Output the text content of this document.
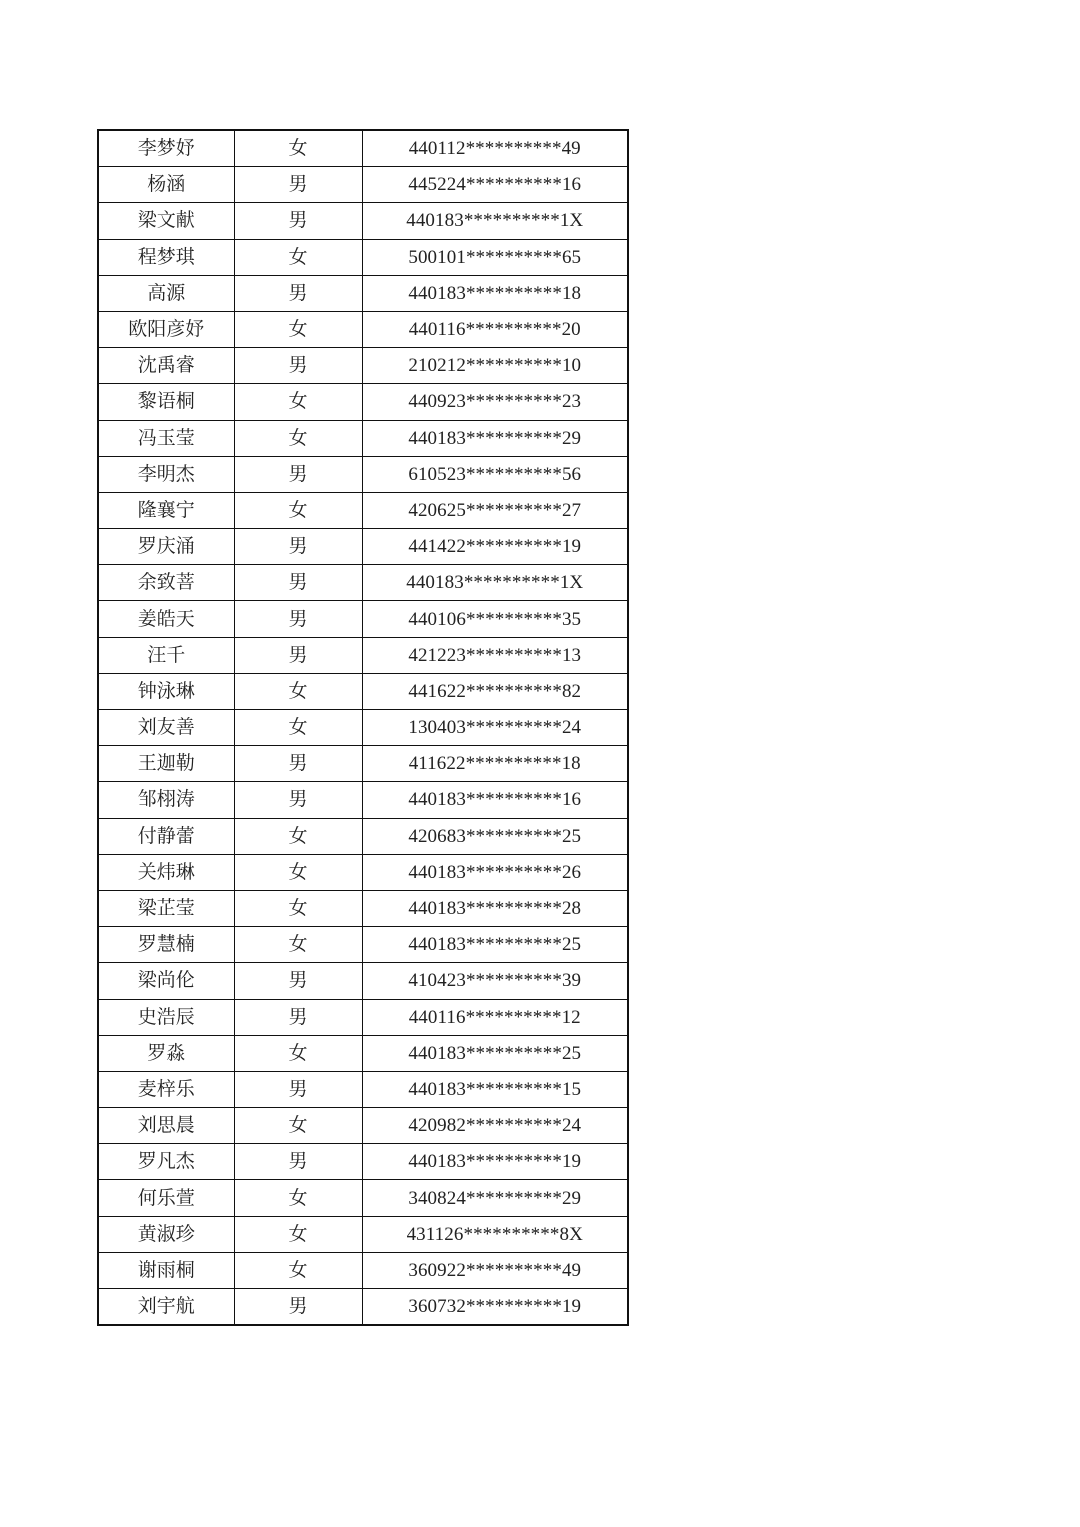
李梦妤	女	440112**********49
杨涵	男	445224**********16
梁文献	男	440183**********1X
程梦琪	女	500101**********65
高源	男	440183**********18
欧阳彦妤	女	440116**********20
沈禹睿	男	210212**********10
黎语桐	女	440923**********23
冯玉莹	女	440183**********29
李明杰	男	610523**********56
隆襄宁	女	420625**********27
罗庆涌	男	441422**********19
余致菩	男	440183**********1X
姜皓天	男	440106**********35
汪千	男	421223**********13
钟泳琳	女	441622**********82
刘友善	女	130403**********24
王迦勒	男	411622**********18
邹栩涛	男	440183**********16
付静蕾	女	420683**********25
关炜琳	女	440183**********26
梁芷莹	女	440183**********28
罗慧楠	女	440183**********25
梁尚伦	男	410423**********39
史浩辰	男	440116**********12
罗淼	女	440183**********25
麦梓乐	男	440183**********15
刘思晨	女	420982**********24
罗凡杰	男	440183**********19
何乐萱	女	340824**********29
黄淑珍	女	431126**********8X
谢雨桐	女	360922**********49
刘宇航	男	360732**********19
